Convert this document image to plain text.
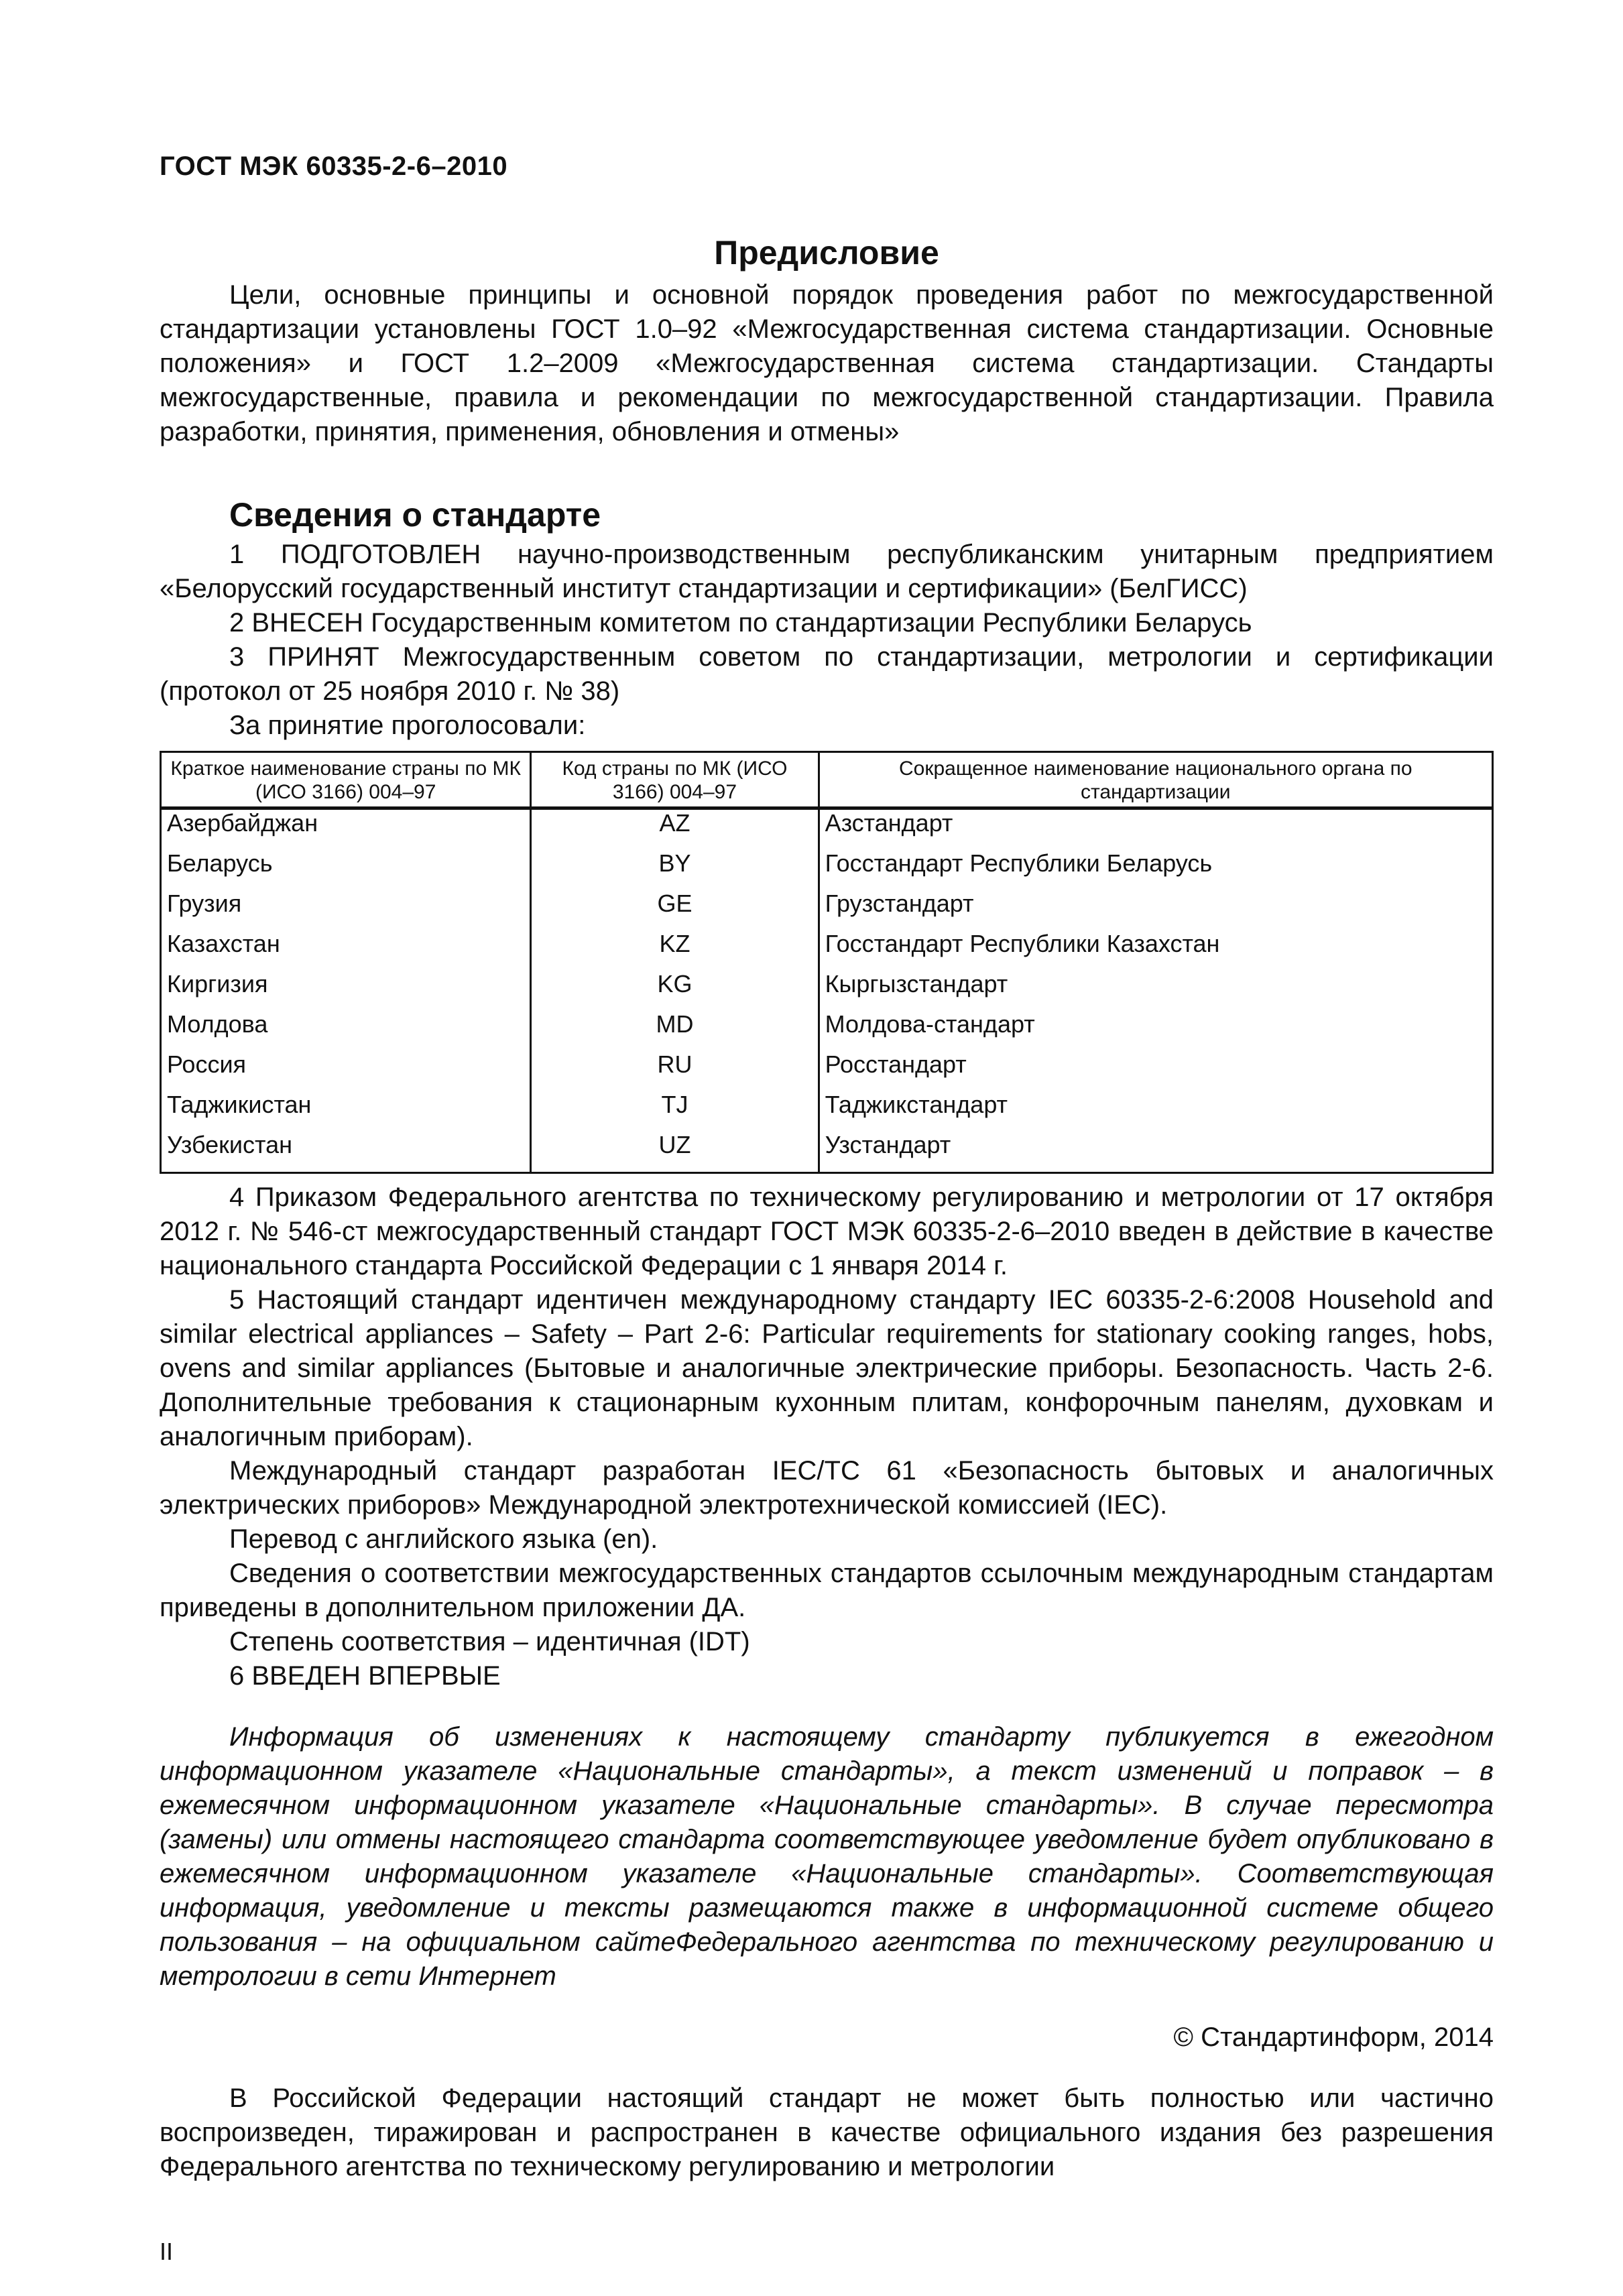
ГОСТ МЭК 60335-2-6–2010
Предисловие

Цели, основные принципы и основной порядок проведения работ по межгосударственной стандартизации установлены ГОСТ 1.0–92 «Межгосударственная система стандартизации. Основные положения» и ГОСТ 1.2–2009 «Межгосударственная система стандартизации. Стандарты межгосударственные, правила и рекомендации по межгосударственной стандартизации. Правила разработки, принятия, применения, обновления и отмены»

Сведения о стандарте

1 ПОДГОТОВЛЕН научно-производственным республиканским унитарным предприятием «Белорусский государственный институт стандартизации и сертификации» (БелГИСС)

2 ВНЕСЕН Государственным комитетом по стандартизации Республики Беларусь

3 ПРИНЯТ Межгосударственным советом по стандартизации, метрологии и сертификации (протокол от 25 ноября 2010 г. № 38)

За принятие проголосовали:

Краткое наименование страны по МК (ИСО 3166) 004–97	Код страны по МК (ИСО 3166) 004–97	Сокращенное наименование национального органа по стандартизации
Азербайджан	AZ	Азстандарт
Беларусь	BY	Госстандарт Республики Беларусь
Грузия	GE	Грузстандарт
Казахстан	KZ	Госстандарт Республики Казахстан
Киргизия	KG	Кыргызстандарт
Молдова	MD	Молдова-стандарт
Россия	RU	Росстандарт
Таджикистан	TJ	Таджикстандарт
Узбекистан	UZ	Узстандарт

4 Приказом Федерального агентства по техническому регулированию и метрологии от 17 октября 2012 г. № 546-ст межгосударственный стандарт ГОСТ МЭК 60335-2-6–2010 введен в действие в качестве национального стандарта Российской Федерации с 1 января 2014 г.

5 Настоящий стандарт идентичен международному стандарту IEC 60335-2-6:2008 Household and similar electrical appliances – Safety – Part 2-6: Particular requirements for stationary cooking ranges, hobs, ovens and similar appliances (Бытовые и аналогичные электрические приборы. Безопасность. Часть 2-6. Дополнительные требования к стационарным кухонным плитам, конфорочным панелям, духовкам и аналогичным приборам).

Международный стандарт разработан IEC/TC 61 «Безопасность бытовых и аналогичных электрических приборов» Международной электротехнической комиссией (IEC).

Перевод с английского языка (en).

Сведения о соответствии межгосударственных стандартов ссылочным международным стандартам приведены в дополнительном приложении ДА.

Степень соответствия – идентичная (IDT)

6 ВВЕДЕН ВПЕРВЫЕ

Информация об изменениях к настоящему стандарту публикуется в ежегодном информационном указателе «Национальные стандарты», а текст изменений и поправок – в ежемесячном информационном указателе «Национальные стандарты». В случае пересмотра (замены) или отмены настоящего стандарта соответствующее уведомление будет опубликовано в ежемесячном информационном указателе «Национальные стандарты». Соответствующая информация, уведомление и тексты размещаются также в информационной системе общего пользования – на официальном сайтеФедерального агентства по техническому регулированию и метрологии в сети Интернет

© Стандартинформ, 2014

В Российской Федерации настоящий стандарт не может быть полностью или частично воспроизведен, тиражирован и распространен в качестве официального издания без разрешения Федерального агентства по техническому регулированию и метрологии

II
